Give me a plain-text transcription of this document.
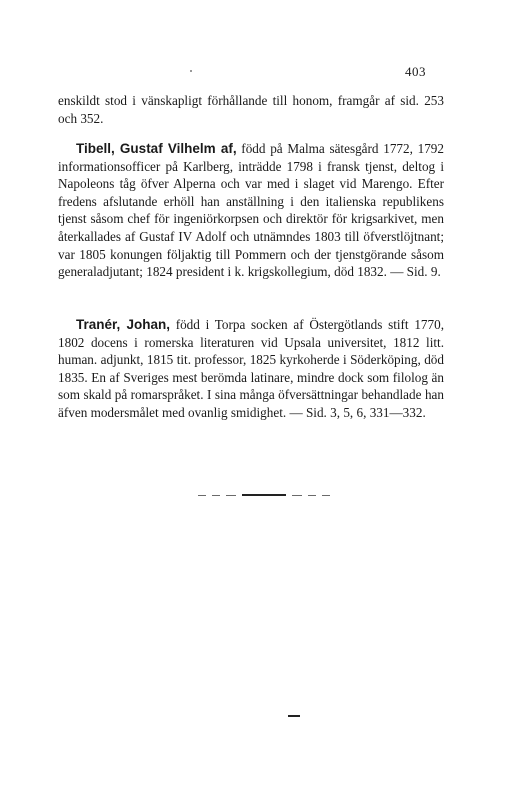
403
enskildt stod i vänskapligt förhållande till honom, framgår af sid. 253 och 352.
Tibell, Gustaf Vilhelm af, född på Malma sätesgård 1772, 1792 informationsofficer på Karlberg, inträdde 1798 i fransk tjenst, deltog i Napoleons tåg öfver Alperna och var med i slaget vid Marengo. Efter fredens afslutande erhöll han anställning i den italienska republikens tjenst såsom chef för ingeniörkorpsen och direktör för krigsarkivet, men återkallades af Gustaf IV Adolf och utnämndes 1803 till öfverstlöjtnant; var 1805 konungen följaktig till Pommern och der tjenstgörande såsom generaladjutant; 1824 president i k. krigskollegium, död 1832. — Sid. 9.
Tranér, Johan, född i Torpa socken af Östergötlands stift 1770, 1802 docens i romerska literaturen vid Upsala universitet, 1812 litt. human. adjunkt, 1815 tit. professor, 1825 kyrkoherde i Söderköping, död 1835. En af Sveriges mest berömda latinare, mindre dock som filolog än som skald på romarspråket. I sina många öfversättningar behandlade han äfven modersmålet med ovanlig smidighet. — Sid. 3, 5, 6, 331—332.
